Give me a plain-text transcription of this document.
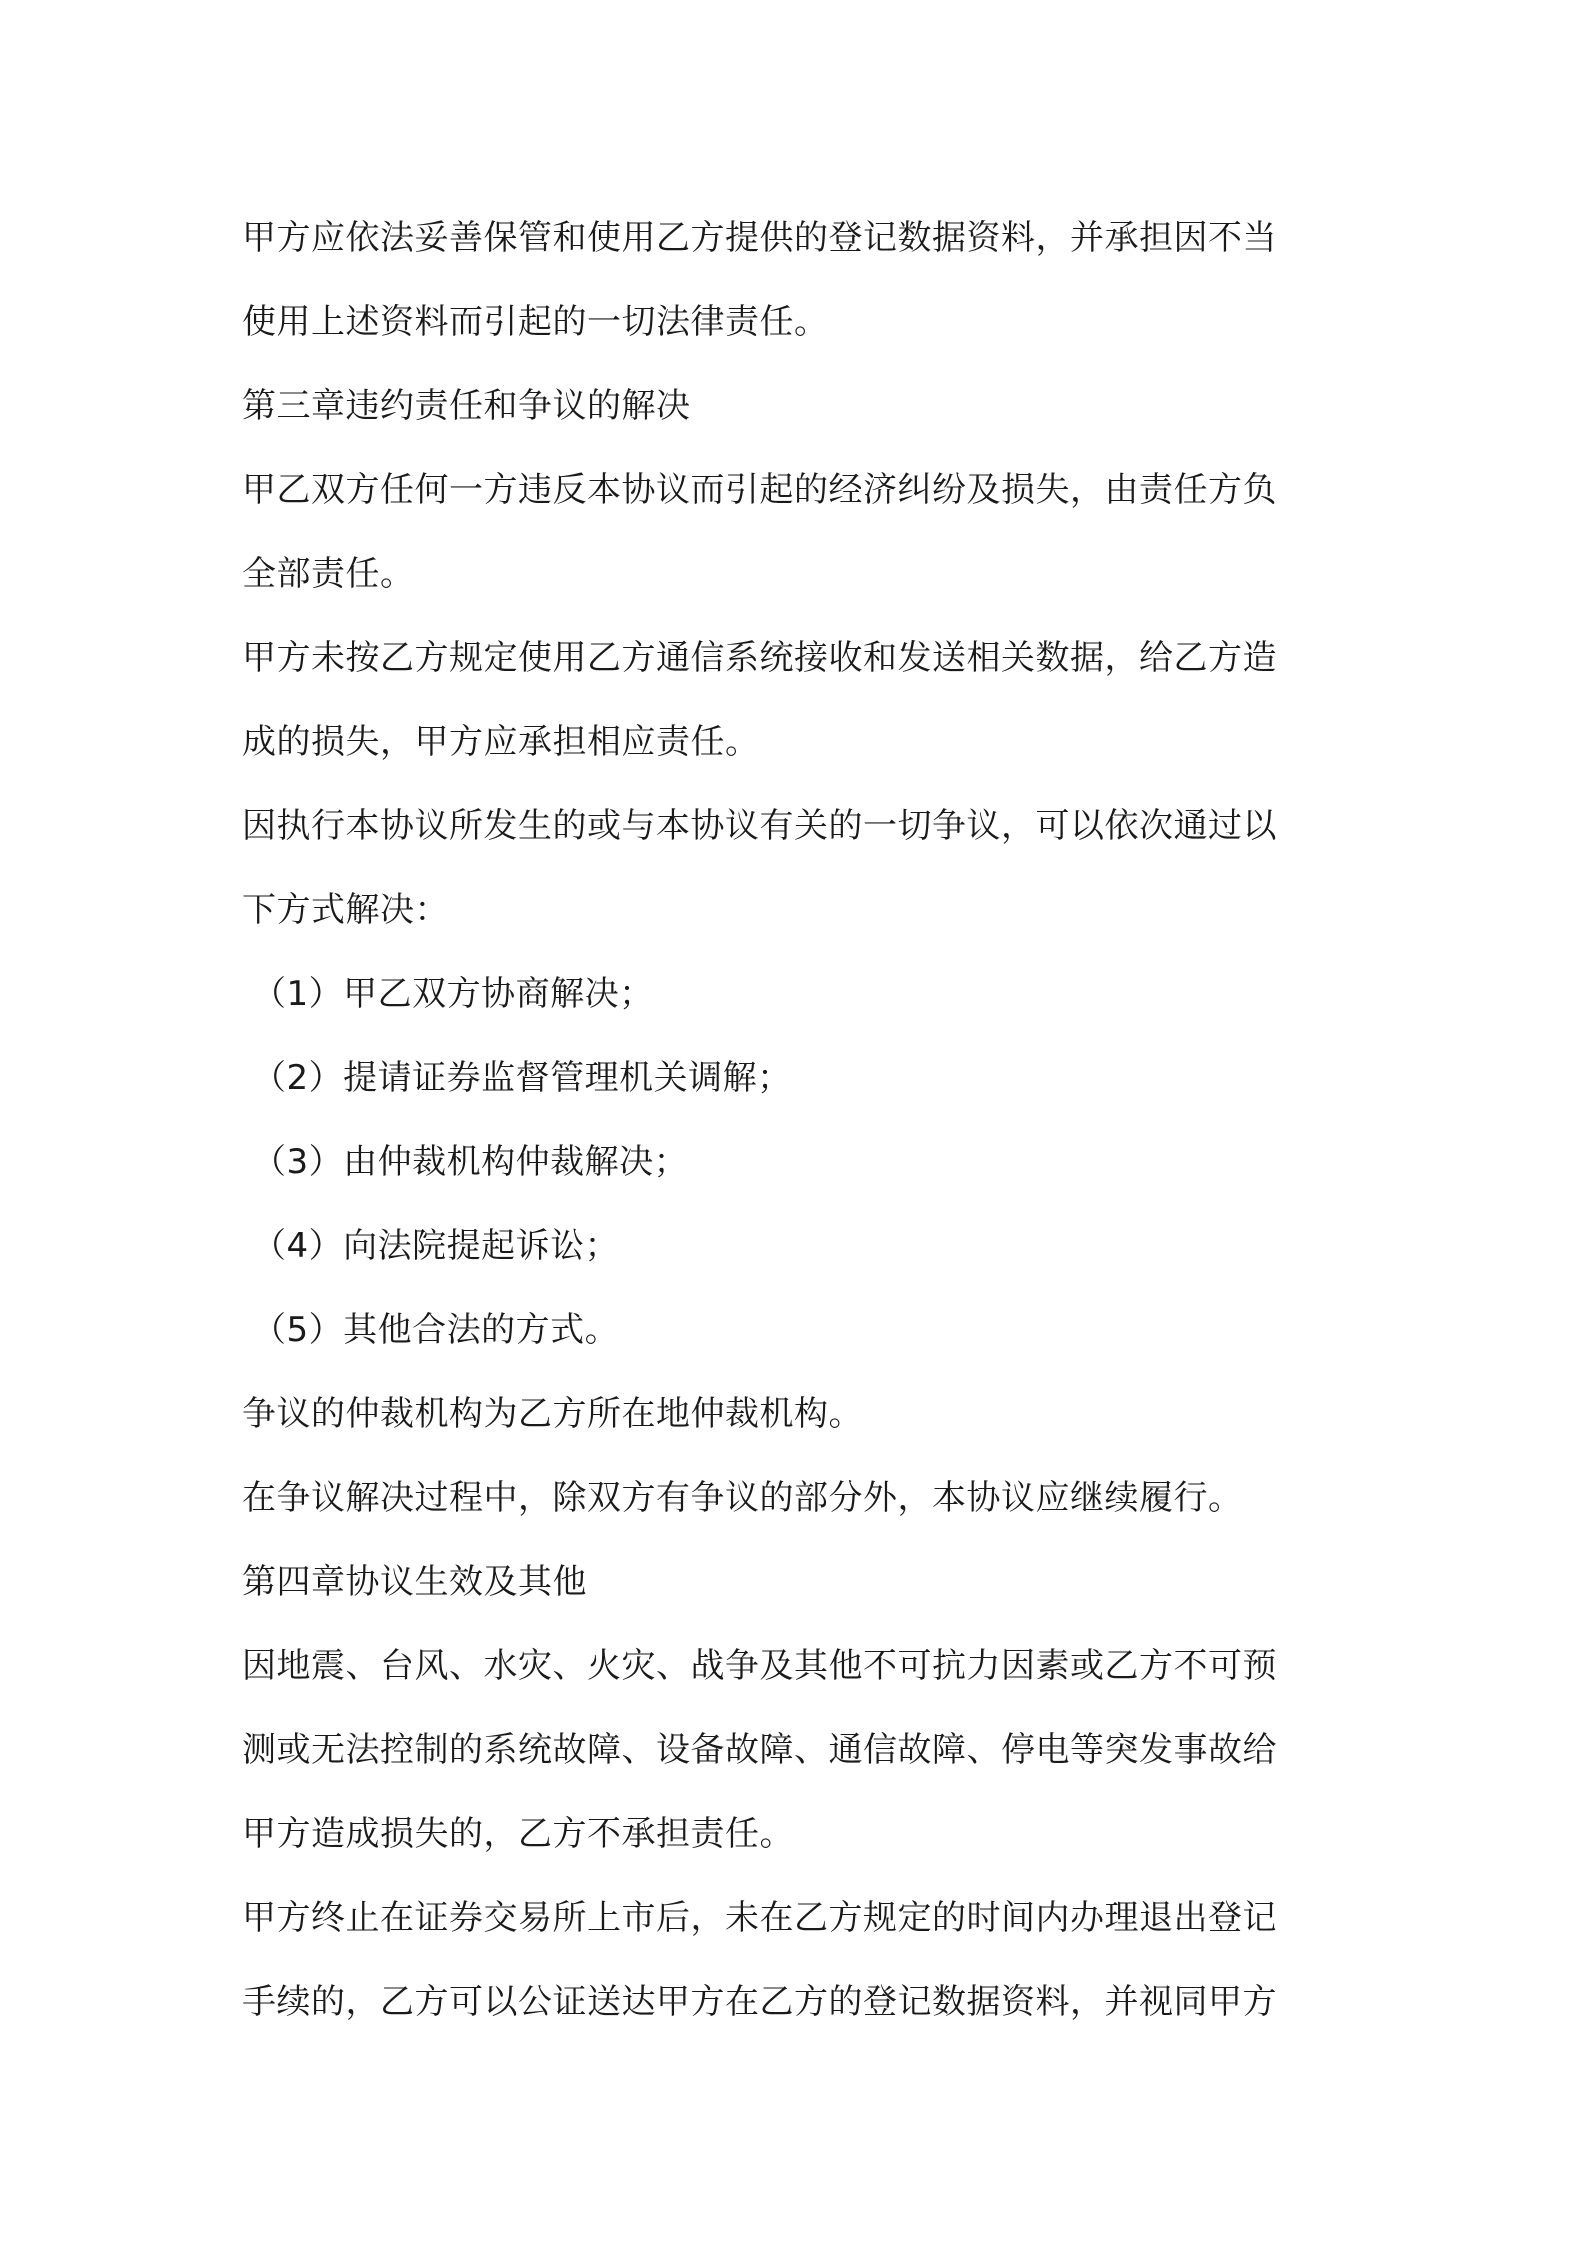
甲方应依法妥善保管和使用乙方提供的登记数据资料，并承担因不当
使用上述资料而引起的一切法律责任。
第三章违约责任和争议的解决
甲乙双方任何一方违反本协议而引起的经济纠纷及损失，由责任方负
全部责任。
甲方未按乙方规定使用乙方通信系统接收和发送相关数据，给乙方造
成的损失，甲方应承担相应责任。
因执行本协议所发生的或与本协议有关的一切争议，可以依次通过以
下方式解决：
（1）甲乙双方协商解决；
（2）提请证券监督管理机关调解；
（3）由仲裁机构仲裁解决；
（4）向法院提起诉讼；
（5）其他合法的方式。
争议的仲裁机构为乙方所在地仲裁机构。
在争议解决过程中，除双方有争议的部分外，本协议应继续履行。
第四章协议生效及其他
因地震、台风、水灾、火灾、战争及其他不可抗力因素或乙方不可预
测或无法控制的系统故障、设备故障、通信故障、停电等突发事故给
甲方造成损失的，乙方不承担责任。
甲方终止在证券交易所上市后，未在乙方规定的时间内办理退出登记
手续的，乙方可以公证送达甲方在乙方的登记数据资料，并视同甲方
